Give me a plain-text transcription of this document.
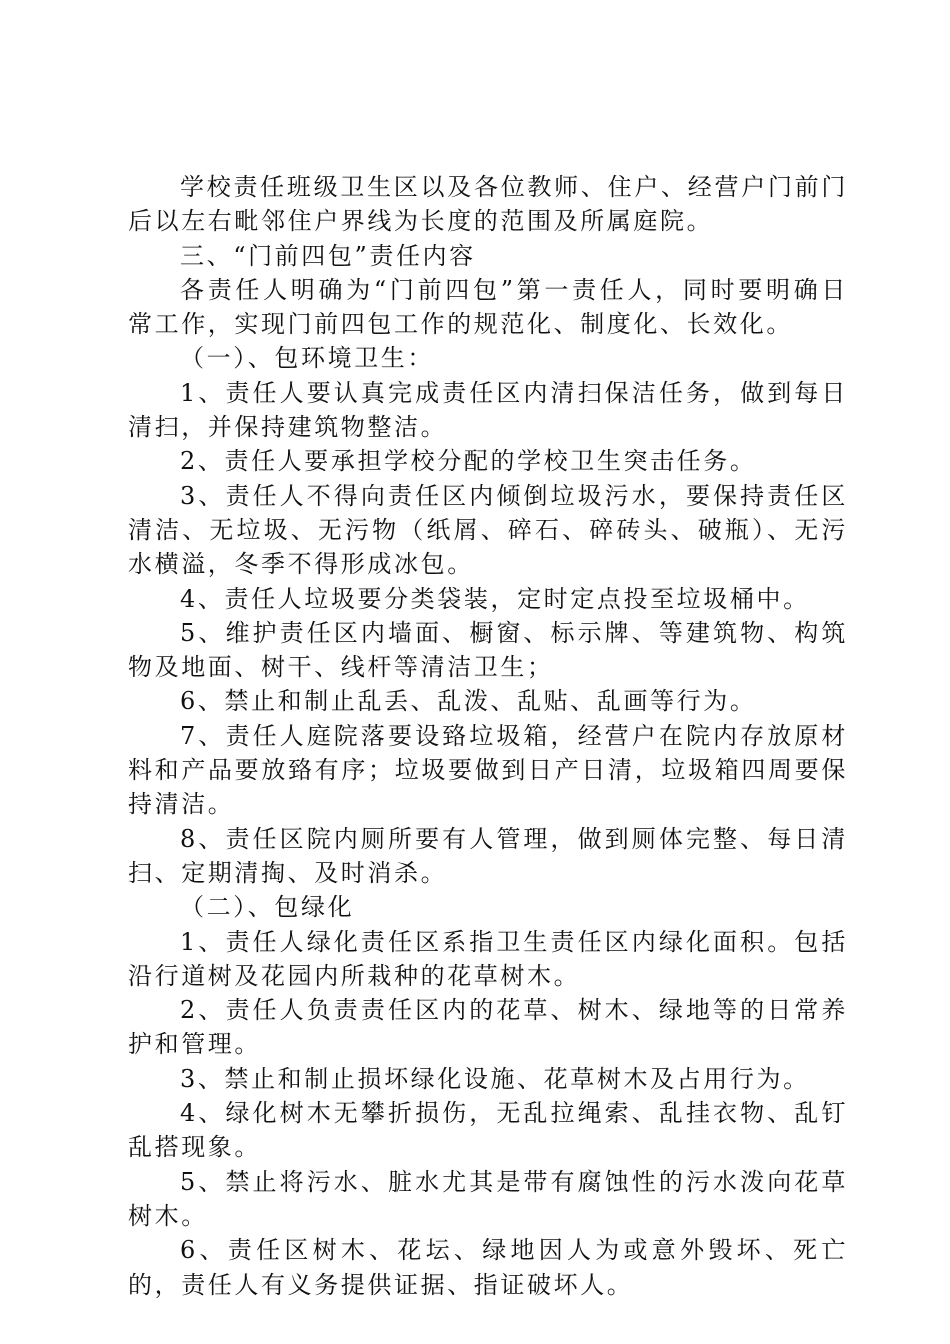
学校责任班级卫生区以及各位教师、住户、经营户门前门后以左右毗邻住户界线为长度的范围及所属庭院。

三、“门前四包”责任内容

各责任人明确为“门前四包”第一责任人，同时要明确日常工作，实现门前四包工作的规范化、制度化、长效化。

（一）、包环境卫生：

1、责任人要认真完成责任区内清扫保洁任务，做到每日清扫，并保持建筑物整洁。

2、责任人要承担学校分配的学校卫生突击任务。

3、责任人不得向责任区内倾倒垃圾污水，要保持责任区清洁、无垃圾、无污物（纸屑、碎石、碎砖头、破瓶）、无污水横溢，冬季不得形成冰包。

4、责任人垃圾要分类袋装，定时定点投至垃圾桶中。

5、维护责任区内墙面、橱窗、标示牌、等建筑物、构筑物及地面、树干、线杆等清洁卫生；

6、禁止和制止乱丢、乱泼、乱贴、乱画等行为。

7、责任人庭院落要设臵垃圾箱，经营户在院内存放原材料和产品要放臵有序；垃圾要做到日产日清，垃圾箱四周要保持清洁。

8、责任区院内厕所要有人管理，做到厕体完整、每日清扫、定期清掏、及时消杀。

（二）、包绿化

1、责任人绿化责任区系指卫生责任区内绿化面积。包括沿行道树及花园内所栽种的花草树木。

2、责任人负责责任区内的花草、树木、绿地等的日常养护和管理。

3、禁止和制止损坏绿化设施、花草树木及占用行为。

4、绿化树木无攀折损伤，无乱拉绳索、乱挂衣物、乱钉乱搭现象。

5、禁止将污水、脏水尤其是带有腐蚀性的污水泼向花草树木。

6、责任区树木、花坛、绿地因人为或意外毁坏、死亡的，责任人有义务提供证据、指证破坏人。
